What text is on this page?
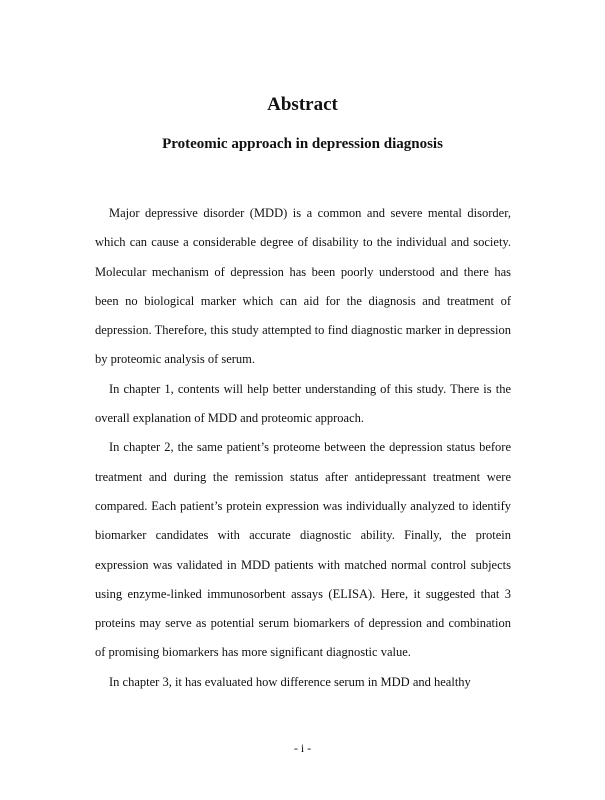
Abstract
Proteomic approach in depression diagnosis

Major depressive disorder (MDD) is a common and severe mental disorder, which can cause a considerable degree of disability to the individual and society. Molecular mechanism of depression has been poorly understood and there has been no biological marker which can aid for the diagnosis and treatment of depression. Therefore, this study attempted to find diagnostic marker in depression by proteomic analysis of serum.

In chapter 1, contents will help better understanding of this study. There is the overall explanation of MDD and proteomic approach.

In chapter 2, the same patient’s proteome between the depression status before treatment and during the remission status after antidepressant treatment were compared. Each patient’s protein expression was individually analyzed to identify biomarker candidates with accurate diagnostic ability. Finally, the protein expression was validated in MDD patients with matched normal control subjects using enzyme-linked immunosorbent assays (ELISA). Here, it suggested that 3 proteins may serve as potential serum biomarkers of depression and combination of promising biomarkers has more significant diagnostic value.

In chapter 3, it has evaluated how difference serum in MDD and healthy

- i -
